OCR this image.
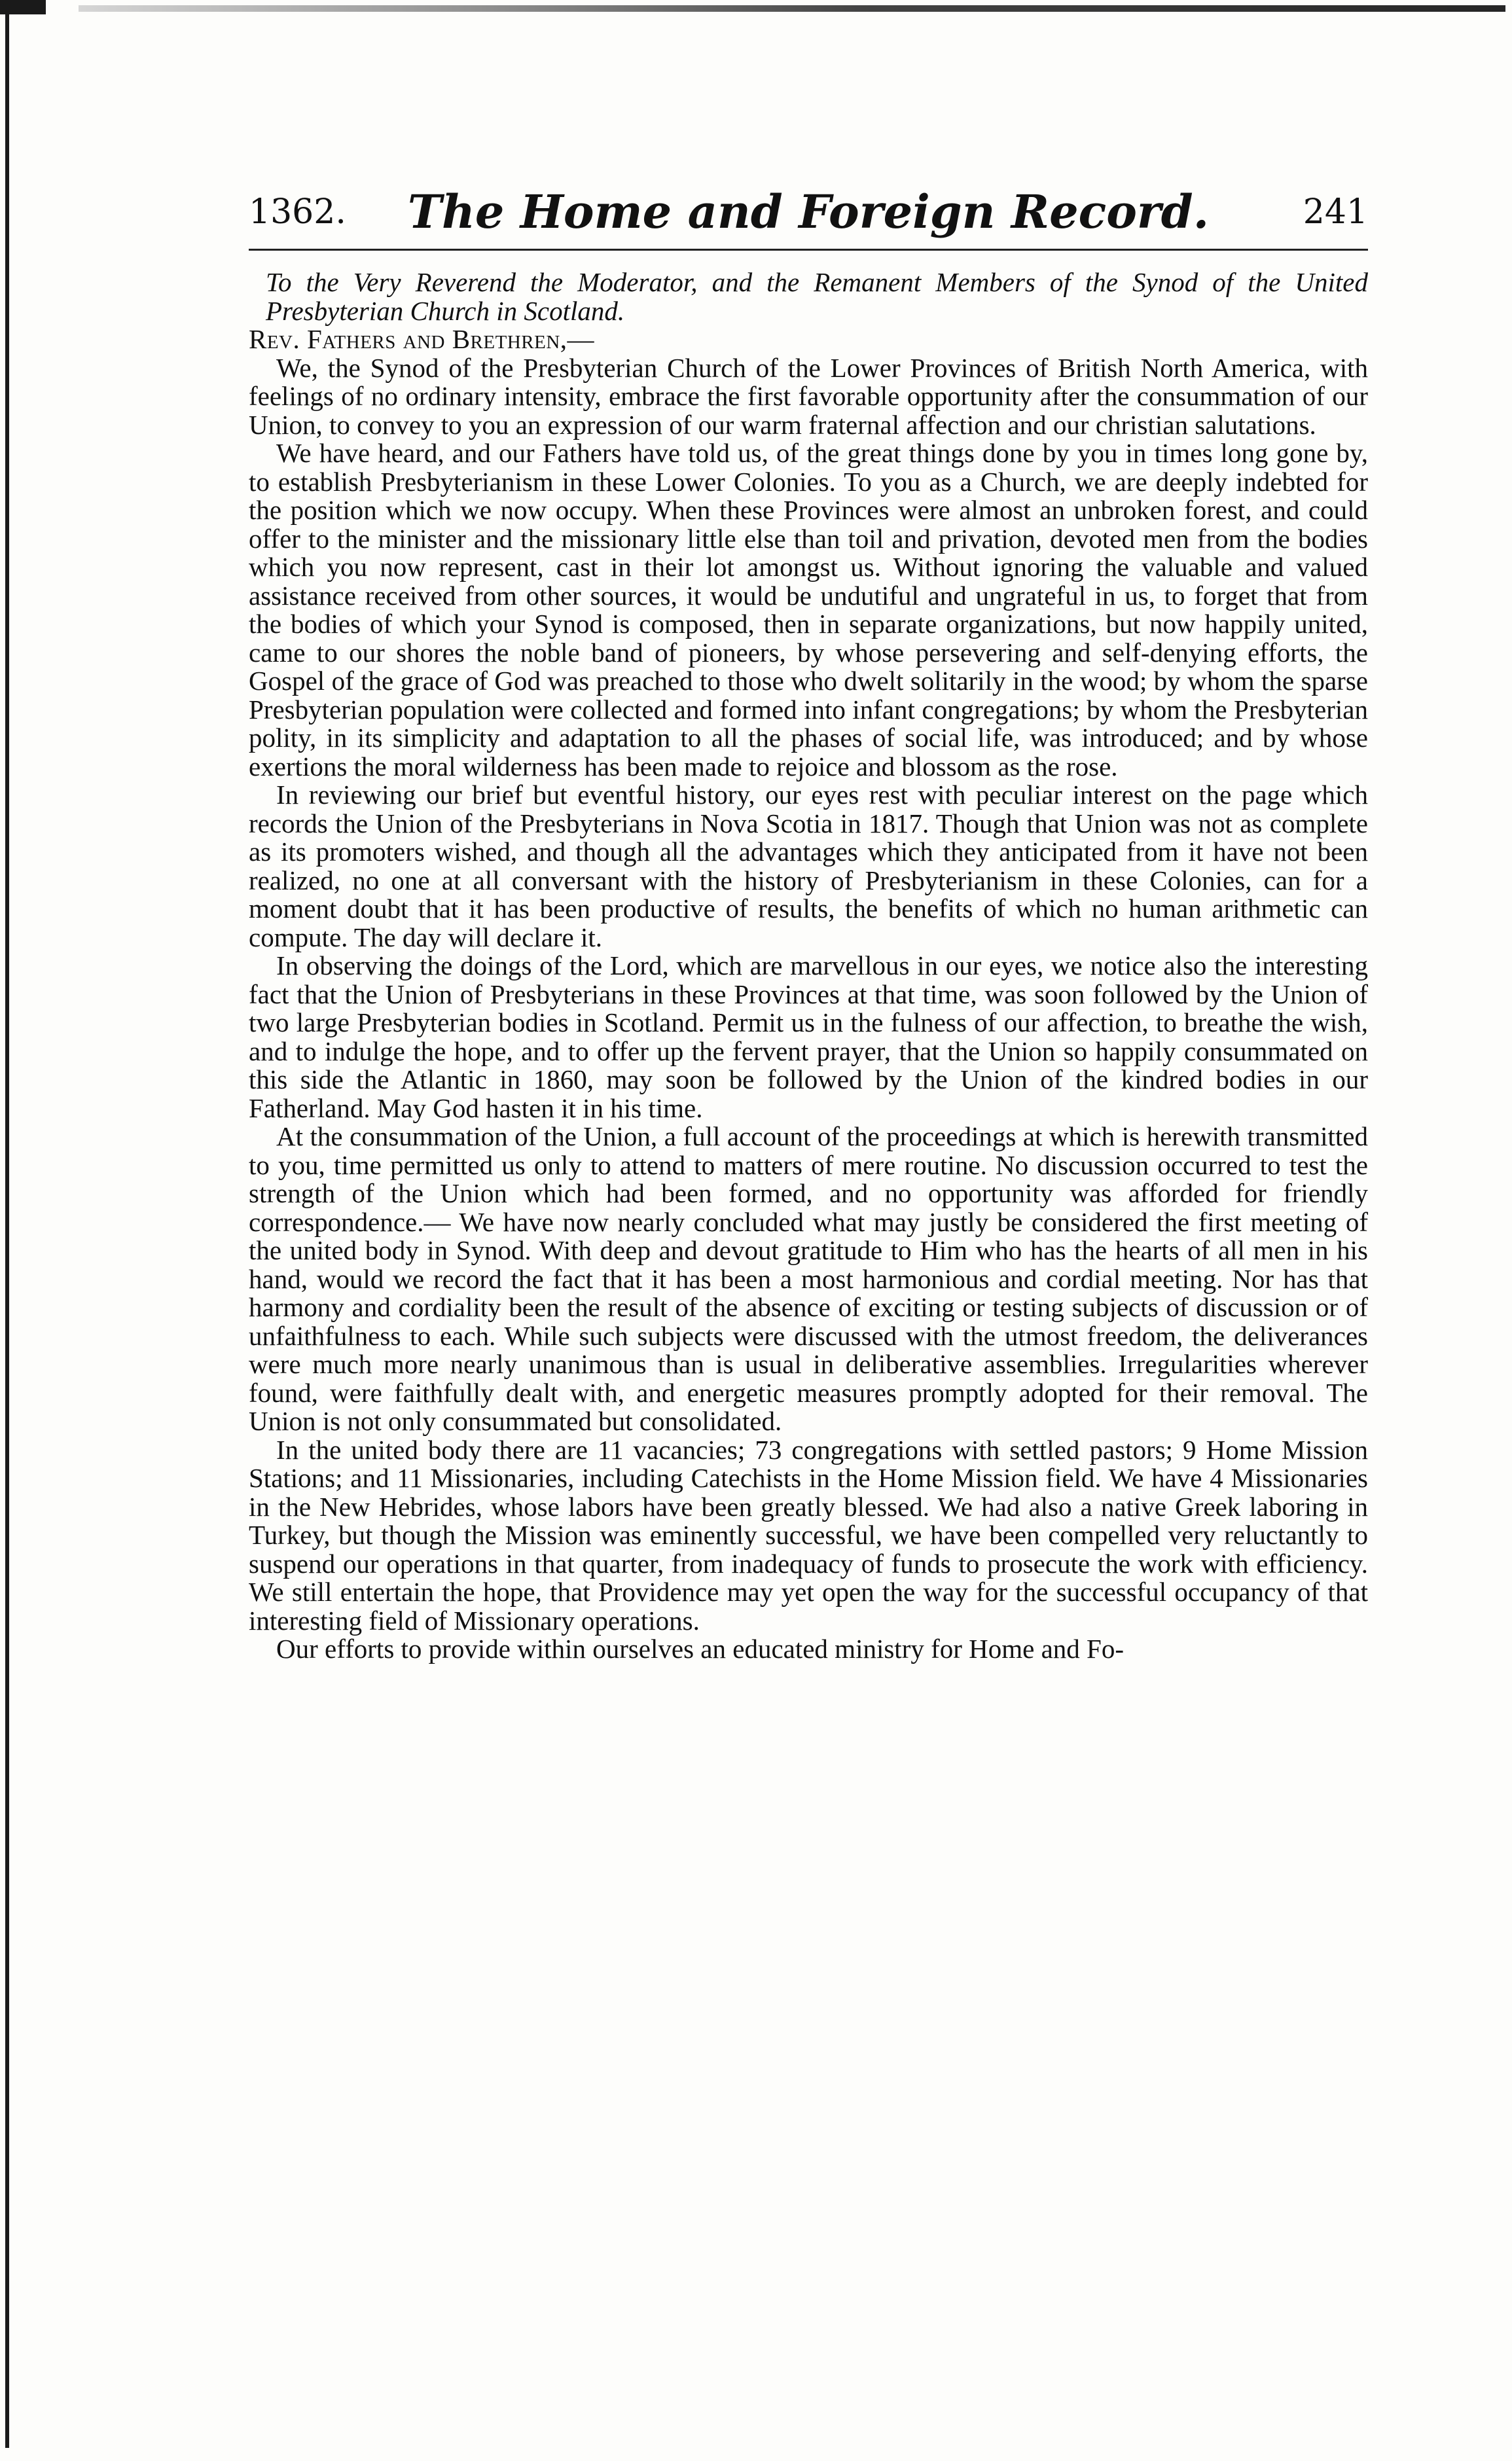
1362.	The Home and Foreign Record.	241

To the Very Reverend the Moderator, and the Remanent Members of the Synod of the United Presbyterian Church in Scotland.

Rev. Fathers and Brethren,—

We, the Synod of the Presbyterian Church of the Lower Provinces of British North America, with feelings of no ordinary intensity, embrace the first favorable opportunity after the consummation of our Union, to convey to you an expression of our warm fraternal affection and our christian salutations.

We have heard, and our Fathers have told us, of the great things done by you in times long gone by, to establish Presbyterianism in these Lower Colonies. To you as a Church, we are deeply indebted for the position which we now occupy. When these Provinces were almost an unbroken forest, and could offer to the minister and the missionary little else than toil and privation, devoted men from the bodies which you now represent, cast in their lot amongst us. Without ignoring the valuable and valued assistance received from other sources, it would be undutiful and ungrateful in us, to forget that from the bodies of which your Synod is composed, then in separate organizations, but now happily united, came to our shores the noble band of pioneers, by whose persevering and self-denying efforts, the Gospel of the grace of God was preached to those who dwelt solitarily in the wood; by whom the sparse Presbyterian population were collected and formed into infant congregations; by whom the Presbyterian polity, in its simplicity and adaptation to all the phases of social life, was introduced; and by whose exertions the moral wilderness has been made to rejoice and blossom as the rose.

In reviewing our brief but eventful history, our eyes rest with peculiar interest on the page which records the Union of the Presbyterians in Nova Scotia in 1817. Though that Union was not as complete as its promoters wished, and though all the advantages which they anticipated from it have not been realized, no one at all conversant with the history of Presbyterianism in these Colonies, can for a moment doubt that it has been productive of results, the benefits of which no human arithmetic can compute. The day will declare it.

In observing the doings of the Lord, which are marvellous in our eyes, we notice also the interesting fact that the Union of Presbyterians in these Provinces at that time, was soon followed by the Union of two large Presbyterian bodies in Scotland. Permit us in the fulness of our affection, to breathe the wish, and to indulge the hope, and to offer up the fervent prayer, that the Union so happily consummated on this side the Atlantic in 1860, may soon be followed by the Union of the kindred bodies in our Fatherland. May God hasten it in his time.

At the consummation of the Union, a full account of the proceedings at which is herewith transmitted to you, time permitted us only to attend to matters of mere routine. No discussion occurred to test the strength of the Union which had been formed, and no opportunity was afforded for friendly correspondence.— We have now nearly concluded what may justly be considered the first meeting of the united body in Synod. With deep and devout gratitude to Him who has the hearts of all men in his hand, would we record the fact that it has been a most harmonious and cordial meeting. Nor has that harmony and cordiality been the result of the absence of exciting or testing subjects of discussion or of unfaithfulness to each. While such subjects were discussed with the utmost freedom, the deliverances were much more nearly unanimous than is usual in deliberative assemblies. Irregularities wherever found, were faithfully dealt with, and energetic measures promptly adopted for their removal. The Union is not only consummated but consolidated.

In the united body there are 11 vacancies; 73 congregations with settled pastors; 9 Home Mission Stations; and 11 Missionaries, including Catechists in the Home Mission field. We have 4 Missionaries in the New Hebrides, whose labors have been greatly blessed. We had also a native Greek laboring in Turkey, but though the Mission was eminently successful, we have been compelled very reluctantly to suspend our operations in that quarter, from inadequacy of funds to prosecute the work with efficiency. We still entertain the hope, that Providence may yet open the way for the successful occupancy of that interesting field of Missionary operations.

Our efforts to provide within ourselves an educated ministry for Home and Fo-
